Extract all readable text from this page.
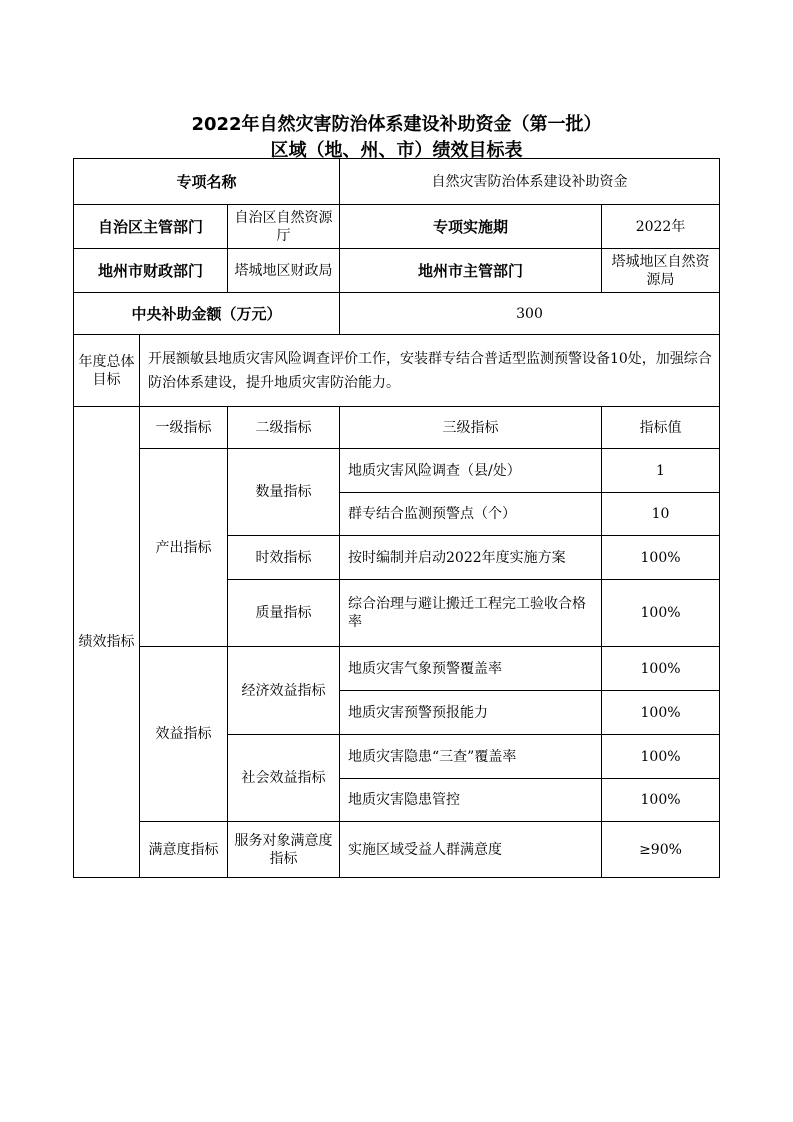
2022年自然灾害防治体系建设补助资金（第一批）
区域（地、州、市）绩效目标表
专项名称			自然灾害防治体系建设补助资金	
自治区主管部门		自治区自然资源厅	专项实施期	2022年
地州市财政部门		塔城地区财政局	地州市主管部门	塔城地区自然资源局
中央补助金额（万元）			300	
年度总体目标	开展额敏县地质灾害风险调查评价工作，安装群专结合普适型监测预警设备10处，加强综合防治体系建设，提升地质灾害防治能力。			
绩效指标	一级指标	二级指标	三级指标	指标值
	产出指标	数量指标	地质灾害风险调查（县/处）	1
			群专结合监测预警点（个）	10
		时效指标	按时编制并启动2022年度实施方案	100%
		质量指标	综合治理与避让搬迁工程完工验收合格率	100%
	效益指标	经济效益指标	地质灾害气象预警覆盖率	100%
			地质灾害预警预报能力	100%
		社会效益指标	地质灾害隐患“三查”覆盖率	100%
			地质灾害隐患管控	100%
	满意度指标	服务对象满意度指标	实施区域受益人群满意度	≥90%
